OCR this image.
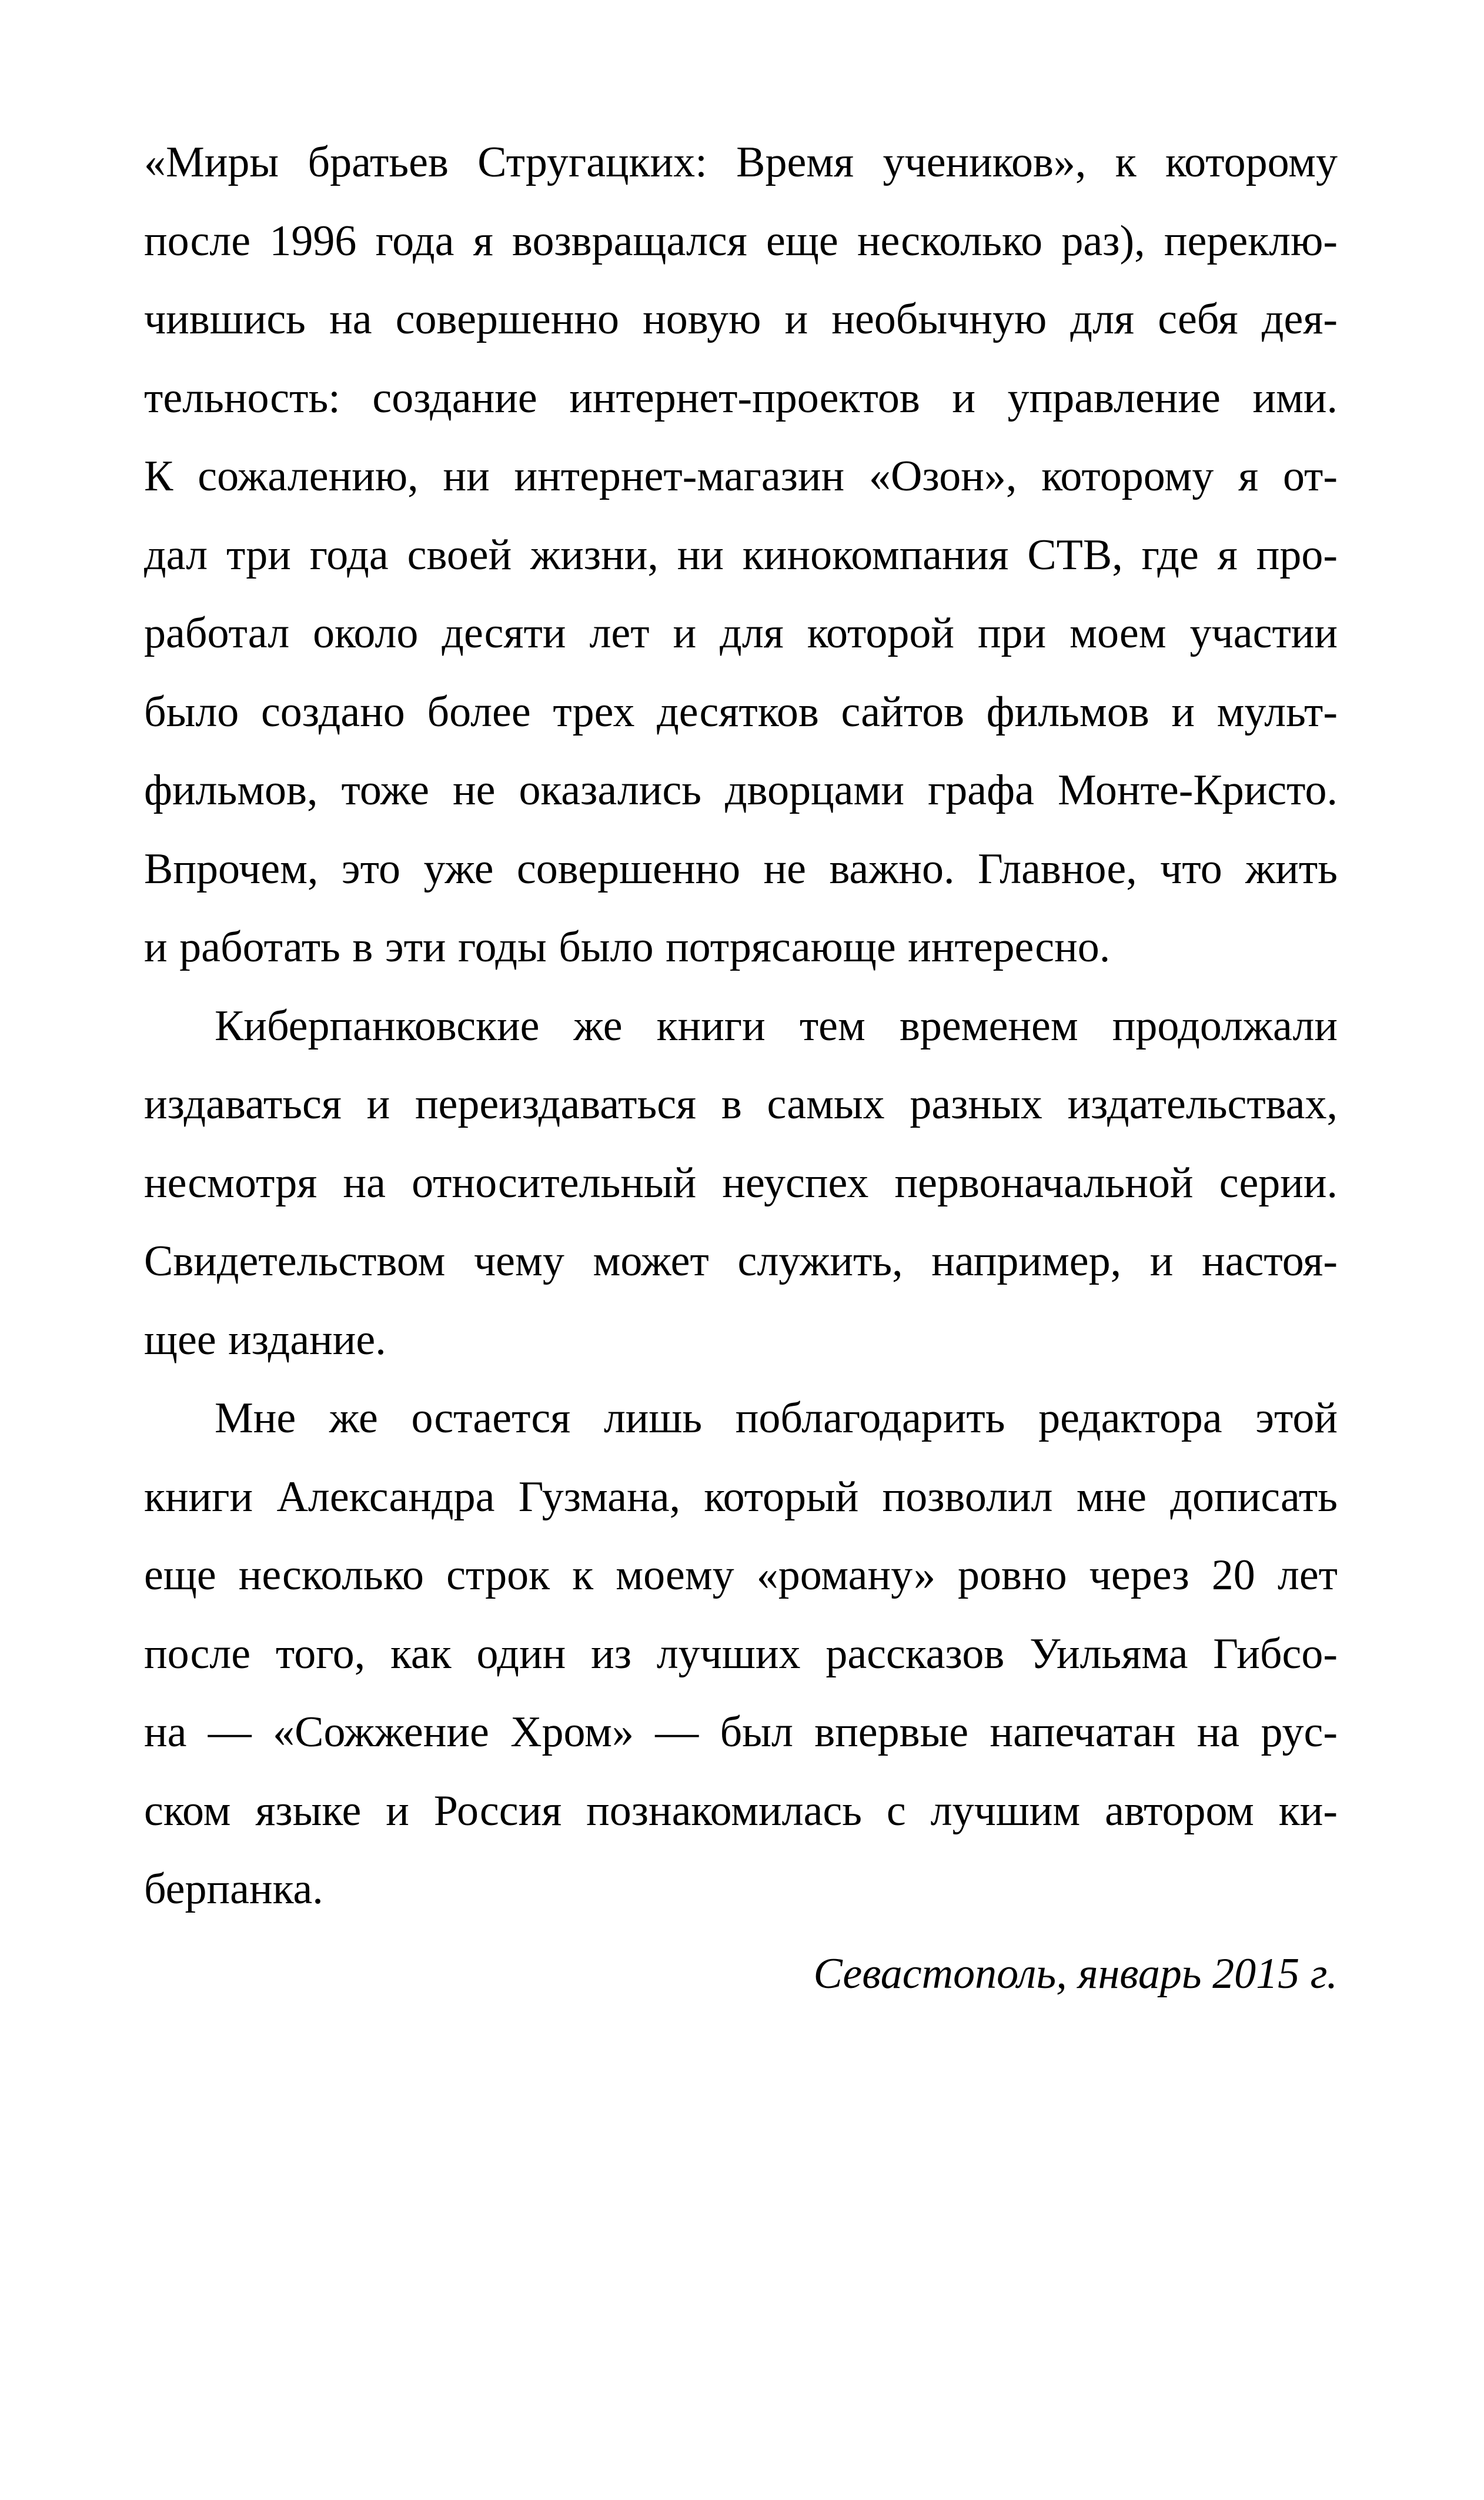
«Миры братьев Стругацких: Время учеников», к которому
после 1996 года я возвращался еще несколько раз), переклю-
чившись на совершенно новую и необычную для себя дея-
тельность: создание интернет-проектов и управление ими.
К сожалению, ни интернет-магазин «Озон», которому я от-
дал три года своей жизни, ни кинокомпания СТВ, где я про-
работал около десяти лет и для которой при моем участии
было создано более трех десятков сайтов фильмов и мульт-
фильмов, тоже не оказались дворцами графа Монте-Кристо.
Впрочем, это уже совершенно не важно. Главное, что жить
и работать в эти годы было потрясающе интересно.
Киберпанковские же книги тем временем продолжали
издаваться и переиздаваться в самых разных издательствах,
несмотря на относительный неуспех первоначальной серии.
Свидетельством чему может служить, например, и настоя-
щее издание.
Мне же остается лишь поблагодарить редактора этой
книги Александра Гузмана, который позволил мне дописать
еще несколько строк к моему «роману» ровно через 20 лет
после того, как один из лучших рассказов Уильяма Гибсо-
на — «Сожжение Хром» — был впервые напечатан на рус-
ском языке и Россия познакомилась с лучшим автором ки-
берпанка.
Севастополь, январь 2015 г.
